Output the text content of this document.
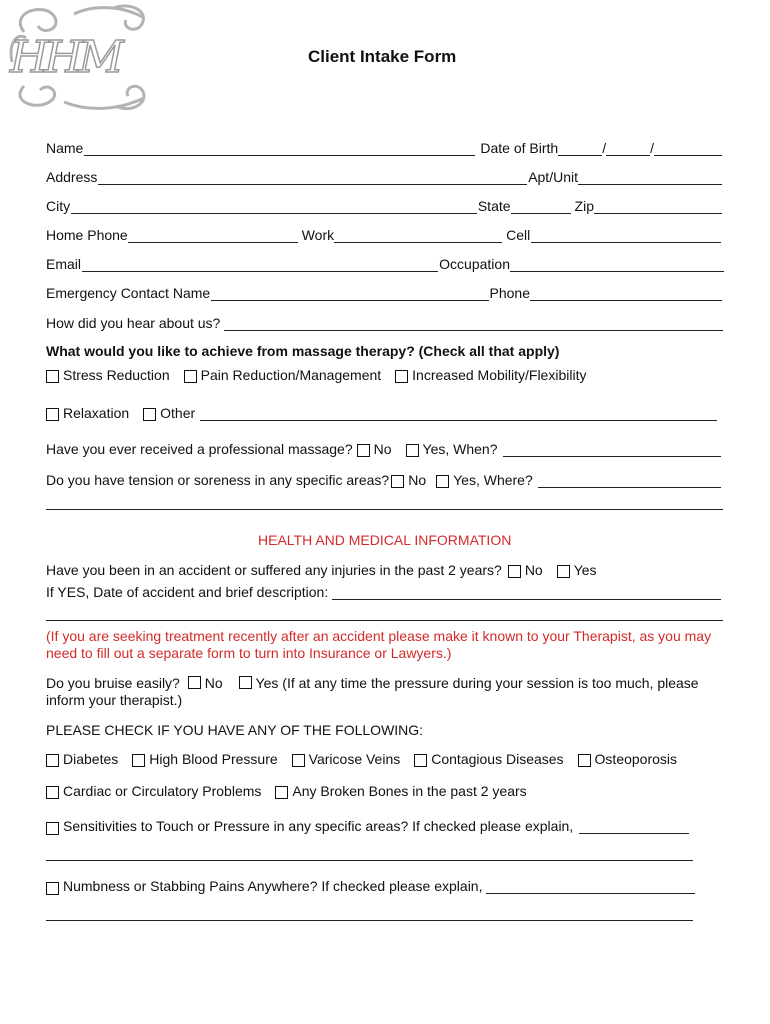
HHM	Client Intake Form
Name	Date of Birth	/	/
Address	Apt/Unit
City	State	Zip
Home Phone	Work	Cell
Email	Occupation
Emergency Contact Name	Phone
How did you hear about us?
What would you like to achieve from massage therapy? (Check all that apply)
Stress Reduction Pain Reduction/Management Increased Mobility/Flexibility
Relaxation Other
Have you ever received a professional massage? No Yes, When?
Do you have tension or soreness in any specific areas? No Yes, Where?
HEALTH AND MEDICAL INFORMATION
Have you been in an accident or suffered any injuries in the past 2 years? No Yes
If YES, Date of accident and brief description:
(If you are seeking treatment recently after an accident please make it known to your Therapist, as you may need to fill out a separate form to turn into Insurance or Lawyers.)
Do you bruise easily? No Yes (If at any time the pressure during your session is too much, please inform your therapist.)
PLEASE CHECK IF YOU HAVE ANY OF THE FOLLOWING:
Diabetes High Blood Pressure Varicose Veins Contagious Diseases Osteoporosis
Cardiac or Circulatory Problems Any Broken Bones in the past 2 years
Sensitivities to Touch or Pressure in any specific areas? If checked please explain,
Numbness or Stabbing Pains Anywhere? If checked please explain,
